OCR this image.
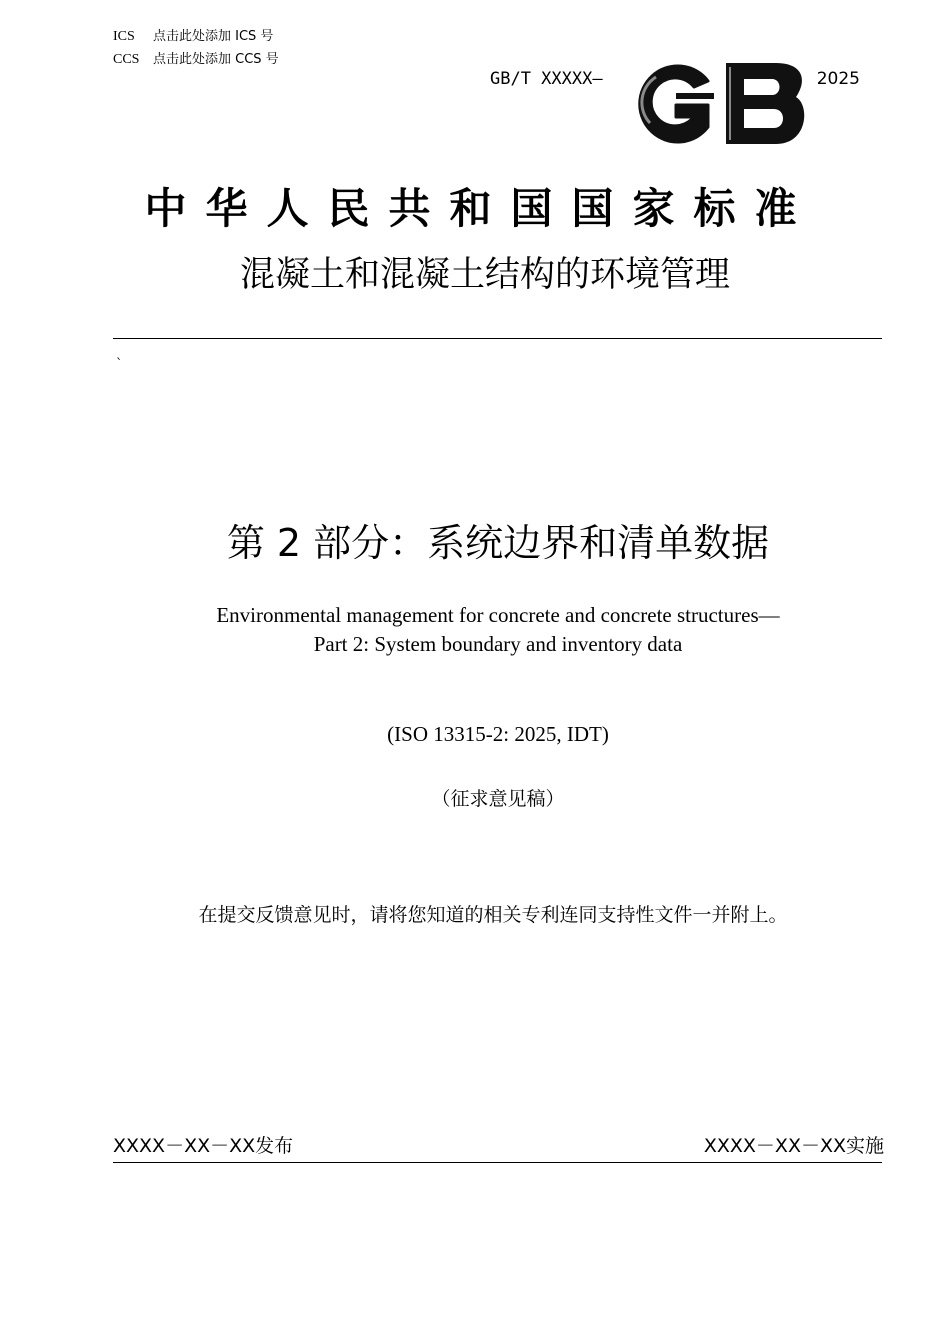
ICS 点击此处添加 ICS 号
CCS 点击此处添加 CCS 号
GB/T XXXXX—	2025
中华人民共和国国家标准
混凝土和混凝土结构的环境管理
`
第 2 部分：系统边界和清单数据
Environmental management for concrete and concrete structures—
Part 2: System boundary and inventory data
(ISO 13315-2: 2025, IDT)
（征求意见稿）
在提交反馈意见时，请将您知道的相关专利连同支持性文件一并附上。
XXXX－XX－XX发布	XXXX－XX－XX实施
